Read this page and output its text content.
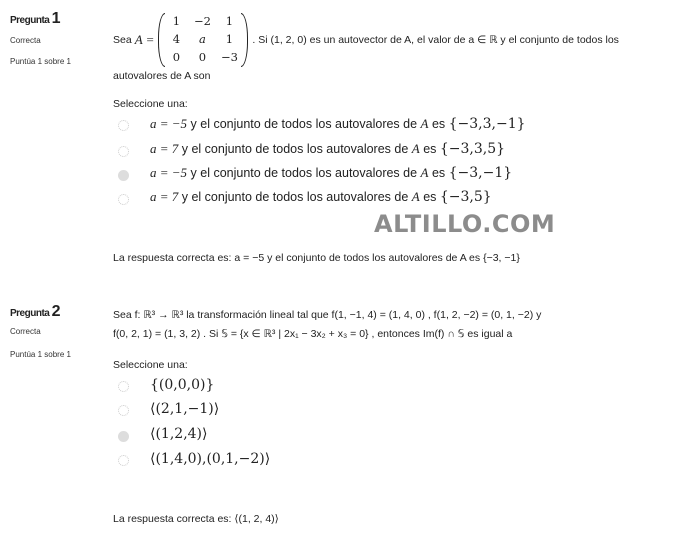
Pregunta 1
Correcta
Puntúa 1 sobre 1
Sea A =
1	−2	1
4	a	1
0	0	−3
. Si (1, 2, 0) es un autovector de A, el valor de a ∈ ℝ y el conjunto de todos los
autovalores de A son
Seleccione una:
a = −5 y el conjunto de todos los autovalores de A es {−3,3,−1}
a = 7 y el conjunto de todos los autovalores de A es {−3,3,5}
a = −5 y el conjunto de todos los autovalores de A es {−3,−1}
a = 7 y el conjunto de todos los autovalores de A es {−3,5}
ALTILLO.COM
La respuesta correcta es: a = −5 y el conjunto de todos los autovalores de A es {−3, −1}
Pregunta 2
Correcta
Puntúa 1 sobre 1
Sea f: ℝ³ → ℝ³ la transformación lineal tal que f(1, −1, 4) = (1, 4, 0) , f(1, 2, −2) = (0, 1, −2) y
f(0, 2, 1) = (1, 3, 2) . Si 𝕊 = {x ∈ ℝ³ | 2x₁ − 3x₂ + x₃ = 0} , entonces Im(f) ∩ 𝕊 es igual a
Seleccione una:
{(0,0,0)}
⟨(2,1,−1)⟩
⟨(1,2,4)⟩
⟨(1,4,0),(0,1,−2)⟩
La respuesta correcta es: ⟨(1, 2, 4)⟩
